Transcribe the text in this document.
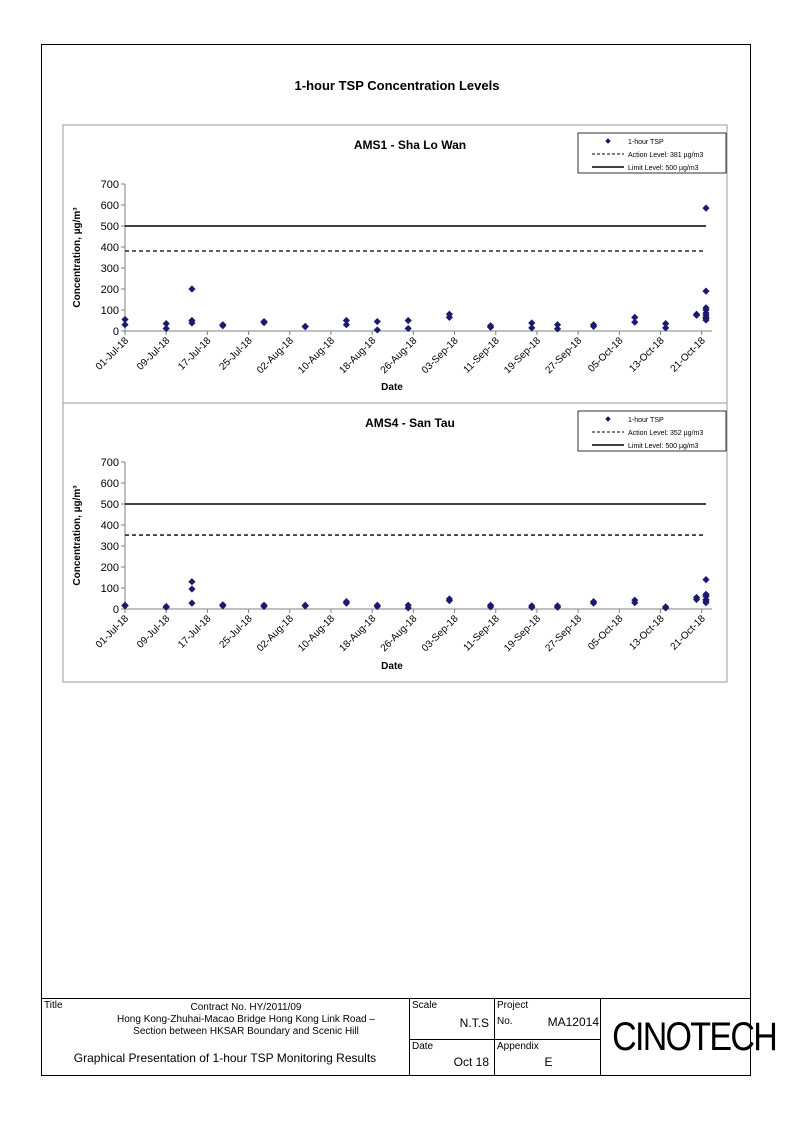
1-hour TSP Concentration Levels
AMS1 - Sha Lo Wan
0
100
200
300
400
500
600
700
01-Jul-18 09-Jul-18 17-Jul-18 25-Jul-18 02-Aug-18 10-Aug-18 18-Aug-18 26-Aug-18 03-Sep-18 11-Sep-18 19-Sep-18 27-Sep-18 05-Oct-18 13-Oct-18 21-Oct-18
Date
Concentration, µg/m³
1-hour TSP
Action Level: 381 µg/m3
Limit Level: 500 µg/m3
AMS4 - San Tau
0
100
200
300
400
500
600
700
01-Jul-18 09-Jul-18 17-Jul-18 25-Jul-18 02-Aug-18 10-Aug-18 18-Aug-18 26-Aug-18 03-Sep-18 11-Sep-18 19-Sep-18 27-Sep-18 05-Oct-18 13-Oct-18 21-Oct-18
Date
Concentration, µg/m³
1-hour TSP
Action Level: 352 µg/m3
Limit Level: 500 µg/m3
Title	Contract No. HY/2011/09
Hong Kong-Zhuhai-Macao Bridge Hong Kong Link Road –
Section between HKSAR Boundary and Scenic Hill
Graphical Presentation of 1-hour TSP Monitoring Results
Scale
N.T.S
Date
Oct 18
Project
No.	MA12014
Appendix
E
CINOTECH
